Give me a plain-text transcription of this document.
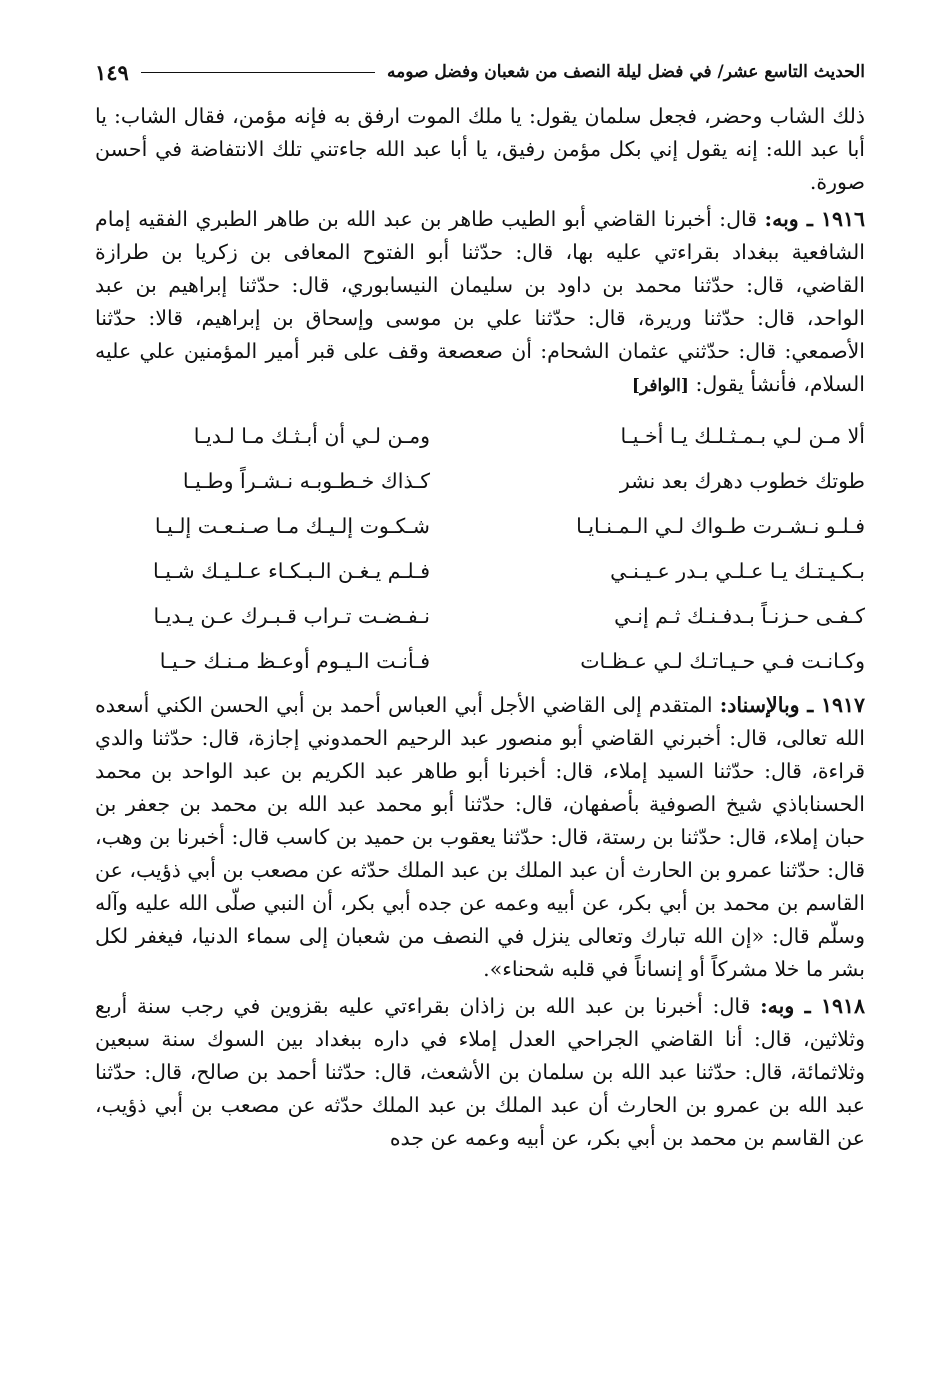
الحديث التاسع عشر/ في فضل ليلة النصف من شعبان وفضل صومه
١٤٩

ذلك الشاب وحضر، فجعل سلمان يقول: يا ملك الموت ارفق به فإنه مؤمن، فقال الشاب: يا أبا عبد الله: إنه يقول إني بكل مؤمن رفيق، يا أبا عبد الله جاءتني تلك الانتفاضة في أحسن صورة.

١٩١٦ ـ وبه: قال: أخبرنا القاضي أبو الطيب طاهر بن عبد الله بن طاهر الطبري الفقيه إمام الشافعية ببغداد بقراءتي عليه بها، قال: حدّثنا أبو الفتوح المعافى بن زكريا بن طرازة القاضي، قال: حدّثنا محمد بن داود بن سليمان النيسابوري، قال: حدّثنا إبراهيم بن عبد الواحد، قال: حدّثنا وريرة، قال: حدّثنا علي بن موسى وإسحاق بن إبراهيم، قالا: حدّثنا الأصمعي: قال: حدّثني عثمان الشحام: أن صعصعة وقف على قبر أمير المؤمنين علي عليه السلام، فأنشأ يقول: [الوافر]

ألا مـن لـي بـمـثـلـك يـا أخـيـا
ومـن لـي أن أبـثـك مـا لـديـا
طوتك خطوب دهرك بعد نشر
كـذاك خـطـوبـه نـشـراً وطـيـا
فـلـو نـشـرت طـواك لـي الـمـنـايـا
شـكـوت إلـيـك مـا صـنـعـت إلـيـا
بـكـيـتـك يـا عـلـي بـدر عـيـنـي
فـلـم يـغـن الـبـكـاء عـلـيـك شـيـا
كـفـى حـزنـاً بـدفـنـك ثـم إنـي
نـفـضـت تـراب قـبـرك عـن يـديـا
وكـانـت فـي حـيـاتـك لـي عـظـات
فـأنـت الـيـوم أوعـظ مـنـك حـيـا

١٩١٧ ـ وبالإسناد: المتقدم إلى القاضي الأجل أبي العباس أحمد بن أبي الحسن الكني أسعده الله تعالى، قال: أخبرني القاضي أبو منصور عبد الرحيم الحمدوني إجازة، قال: حدّثنا والدي قراءة، قال: حدّثنا السيد إملاء، قال: أخبرنا أبو طاهر عبد الكريم بن عبد الواحد بن محمد الحسناباذي شيخ الصوفية بأصفهان، قال: حدّثنا أبو محمد عبد الله بن محمد بن جعفر بن حبان إملاء، قال: حدّثنا بن رستة، قال: حدّثنا يعقوب بن حميد بن كاسب قال: أخبرنا بن وهب، قال: حدّثنا عمرو بن الحارث أن عبد الملك بن عبد الملك حدّثه عن مصعب بن أبي ذؤيب، عن القاسم بن محمد بن أبي بكر، عن أبيه وعمه عن جده أبي بكر، أن النبي صلّى الله عليه وآله وسلّم قال: «إن الله تبارك وتعالى ينزل في النصف من شعبان إلى سماء الدنيا، فيغفر لكل بشر ما خلا مشركاً أو إنساناً في قلبه شحناء».

١٩١٨ ـ وبه: قال: أخبرنا بن عبد الله بن زاذان بقراءتي عليه بقزوين في رجب سنة أربع وثلاثين، قال: أنا القاضي الجراحي العدل إملاء في داره ببغداد بين السوك سنة سبعين وثلاثمائة، قال: حدّثنا عبد الله بن سلمان بن الأشعث، قال: حدّثنا أحمد بن صالح، قال: حدّثنا عبد الله بن عمرو بن الحارث أن عبد الملك بن عبد الملك حدّثه عن مصعب بن أبي ذؤيب، عن القاسم بن محمد بن أبي بكر، عن أبيه وعمه عن جده
